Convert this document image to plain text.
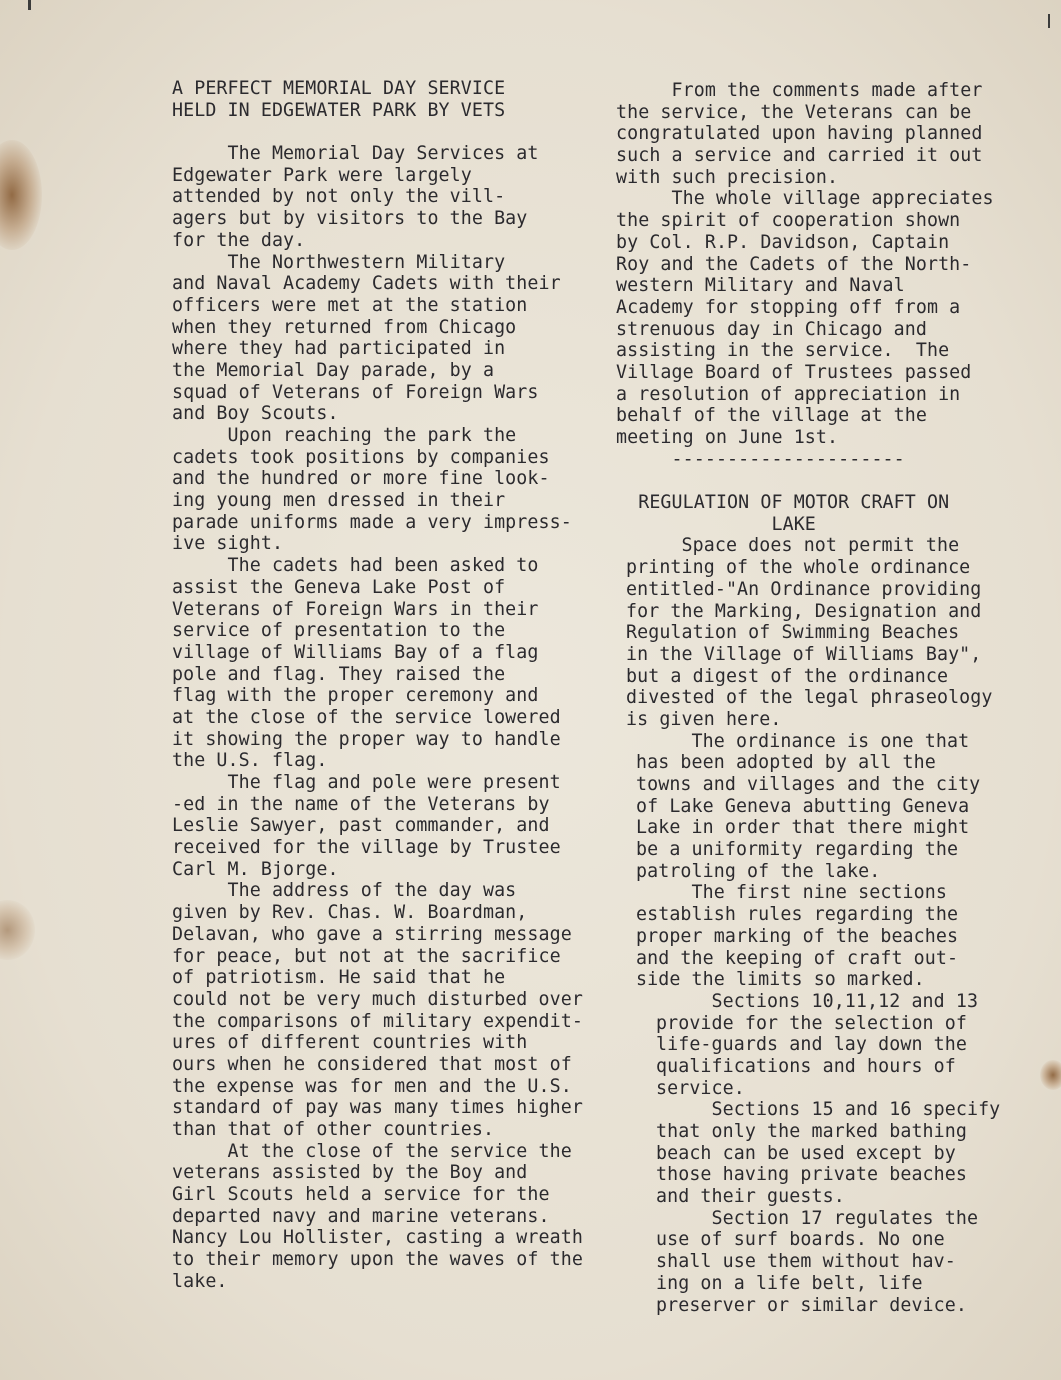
A PERFECT MEMORIAL DAY SERVICE
HELD IN EDGEWATER PARK BY VETS
The Memorial Day Services at
Edgewater Park were largely
attended by not only the vill-
agers but by visitors to the Bay
for the day.
The Northwestern Military
and Naval Academy Cadets with their
officers were met at the station
when they returned from Chicago
where they had participated in
the Memorial Day parade, by a
squad of Veterans of Foreign Wars
and Boy Scouts.
Upon reaching the park the
cadets took positions by companies
and the hundred or more fine look-
ing young men dressed in their
parade uniforms made a very impress-
ive sight.
The cadets had been asked to
assist the Geneva Lake Post of
Veterans of Foreign Wars in their
service of presentation to the
village of Williams Bay of a flag
pole and flag. They raised the
flag with the proper ceremony and
at the close of the service lowered
it showing the proper way to handle
the U.S. flag.
The flag and pole were present
-ed in the name of the Veterans by
Leslie Sawyer, past commander, and
received for the village by Trustee
Carl M. Bjorge.
The address of the day was
given by Rev. Chas. W. Boardman,
Delavan, who gave a stirring message
for peace, but not at the sacrifice
of patriotism. He said that he
could not be very much disturbed over
the comparisons of military expendit-
ures of different countries with
ours when he considered that most of
the expense was for men and the U.S.
standard of pay was many times higher
than that of other countries.
At the close of the service the
veterans assisted by the Boy and
Girl Scouts held a service for the
departed navy and marine veterans.
Nancy Lou Hollister, casting a wreath
to their memory upon the waves of the
lake.
From the comments made after
the service, the Veterans can be
congratulated upon having planned
such a service and carried it out
with such precision.
The whole village appreciates
the spirit of cooperation shown
by Col. R.P. Davidson, Captain
Roy and the Cadets of the North-
western Military and Naval
Academy for stopping off from a
strenuous day in Chicago and
assisting in the service.  The
Village Board of Trustees passed
a resolution of appreciation in
behalf of the village at the
meeting on June 1st.
---------------------
REGULATION OF MOTOR CRAFT ON
LAKE
Space does not permit the
printing of the whole ordinance
entitled-"An Ordinance providing
for the Marking, Designation and
Regulation of Swimming Beaches
in the Village of Williams Bay",
but a digest of the ordinance
divested of the legal phraseology
is given here.
The ordinance is one that
has been adopted by all the
towns and villages and the city
of Lake Geneva abutting Geneva
Lake in order that there might
be a uniformity regarding the
patroling of the lake.
The first nine sections
establish rules regarding the
proper marking of the beaches
and the keeping of craft out-
side the limits so marked.
Sections 10,11,12 and 13
provide for the selection of
life-guards and lay down the
qualifications and hours of
service.
Sections 15 and 16 specify
that only the marked bathing
beach can be used except by
those having private beaches
and their guests.
Section 17 regulates the
use of surf boards. No one
shall use them without hav-
ing on a life belt, life
preserver or similar device.
